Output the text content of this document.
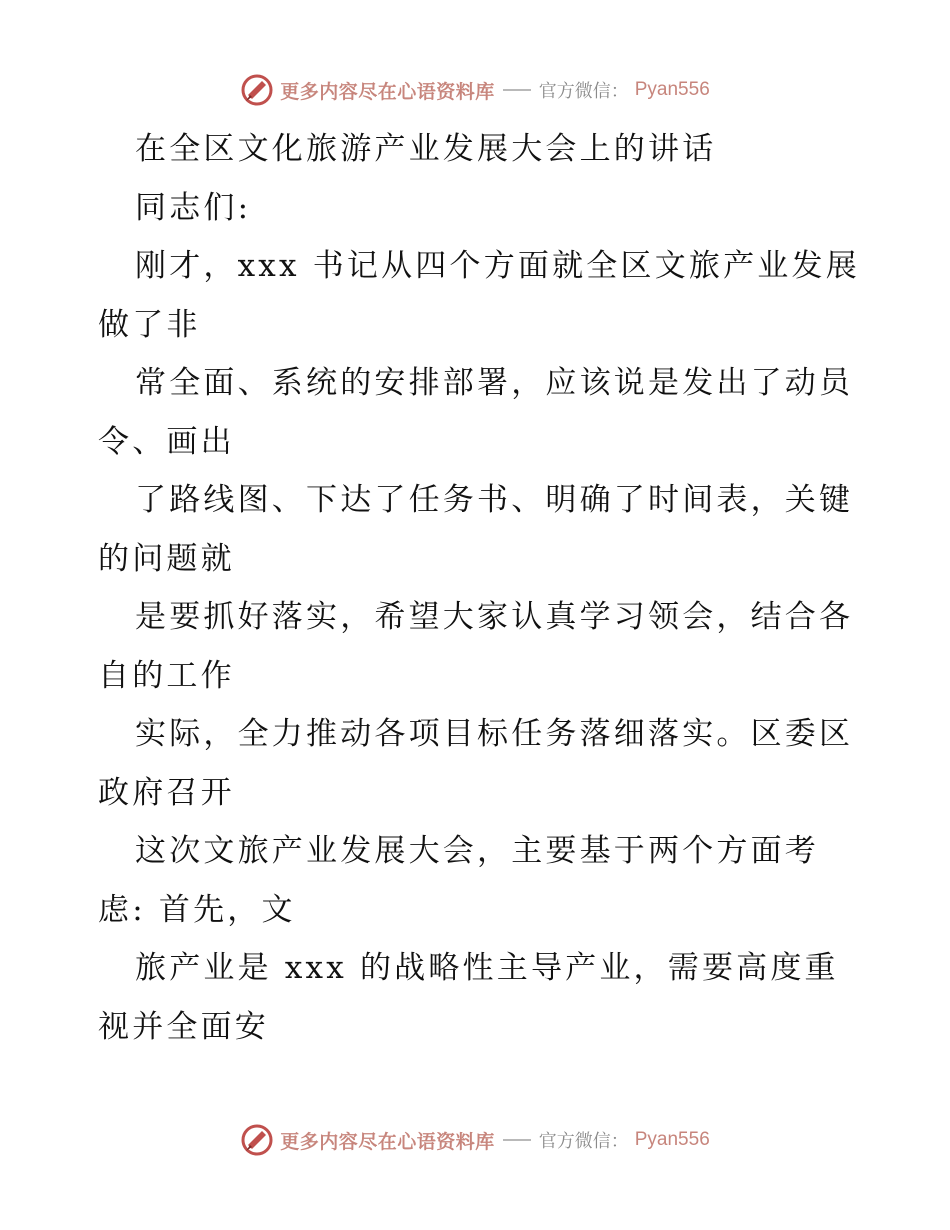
更多内容尽在心语资料库 官方微信： Pyan556
在全区文化旅游产业发展大会上的讲话
同志们:
刚才，xxx 书记从四个方面就全区文旅产业发展
做了非
常全面、系统的安排部署，应该说是发出了动员
令、画出
了路线图、下达了任务书、明确了时间表，关键
的问题就
是要抓好落实，希望大家认真学习领会，结合各
自的工作
实际，全力推动各项目标任务落细落实。区委区
政府召开
这次文旅产业发展大会，主要基于两个方面考
虑: 首先，文
旅产业是 xxx 的战略性主导产业，需要高度重
视并全面安
更多内容尽在心语资料库 官方微信： Pyan556
